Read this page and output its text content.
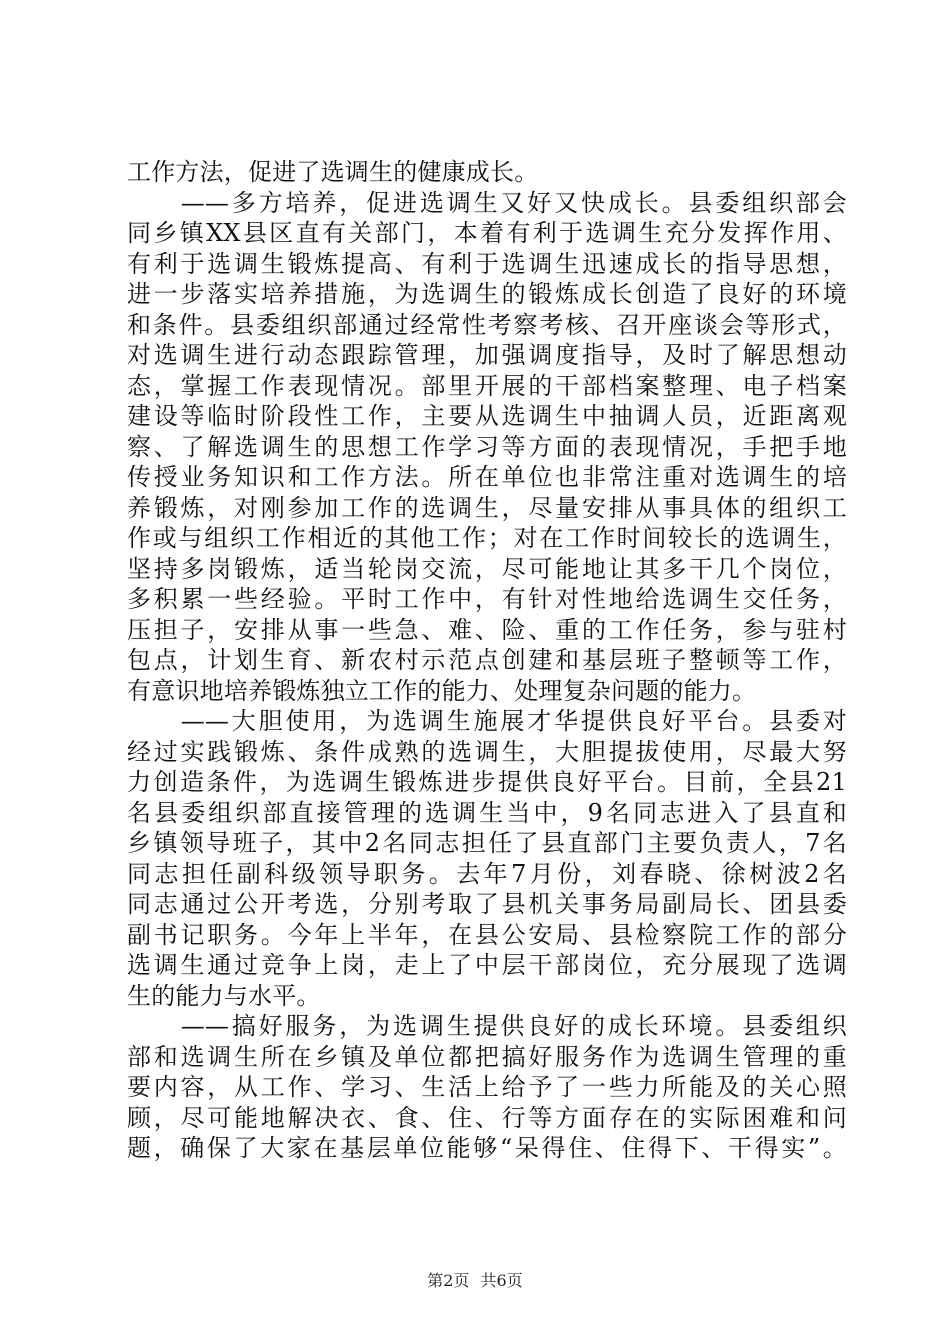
工作方法，促进了选调生的健康成长。
　　——多方培养，促进选调生又好又快成长。县委组织部会
同乡镇XX县区直有关部门，本着有利于选调生充分发挥作用、
有利于选调生锻炼提高、有利于选调生迅速成长的指导思想，
进一步落实培养措施，为选调生的锻炼成长创造了良好的环境
和条件。县委组织部通过经常性考察考核、召开座谈会等形式，
对选调生进行动态跟踪管理，加强调度指导，及时了解思想动
态，掌握工作表现情况。部里开展的干部档案整理、电子档案
建设等临时阶段性工作，主要从选调生中抽调人员，近距离观
察、了解选调生的思想工作学习等方面的表现情况，手把手地
传授业务知识和工作方法。所在单位也非常注重对选调生的培
养锻炼，对刚参加工作的选调生，尽量安排从事具体的组织工
作或与组织工作相近的其他工作；对在工作时间较长的选调生，
坚持多岗锻炼，适当轮岗交流，尽可能地让其多干几个岗位，
多积累一些经验。平时工作中，有针对性地给选调生交任务，
压担子，安排从事一些急、难、险、重的工作任务，参与驻村
包点，计划生育、新农村示范点创建和基层班子整顿等工作，
有意识地培养锻炼独立工作的能力、处理复杂问题的能力。
　　——大胆使用，为选调生施展才华提供良好平台。县委对
经过实践锻炼、条件成熟的选调生，大胆提拔使用，尽最大努
力创造条件，为选调生锻炼进步提供良好平台。目前，全县21
名县委组织部直接管理的选调生当中，9名同志进入了县直和
乡镇领导班子，其中2名同志担任了县直部门主要负责人，7名
同志担任副科级领导职务。去年7月份，刘春晓、徐树波2名
同志通过公开考选，分别考取了县机关事务局副局长、团县委
副书记职务。今年上半年，在县公安局、县检察院工作的部分
选调生通过竞争上岗，走上了中层干部岗位，充分展现了选调
生的能力与水平。
　　——搞好服务，为选调生提供良好的成长环境。县委组织
部和选调生所在乡镇及单位都把搞好服务作为选调生管理的重
要内容，从工作、学习、生活上给予了一些力所能及的关心照
顾，尽可能地解决衣、食、住、行等方面存在的实际困难和问
题，确保了大家在基层单位能够“呆得住、住得下、干得实”。
第2页 共6页
